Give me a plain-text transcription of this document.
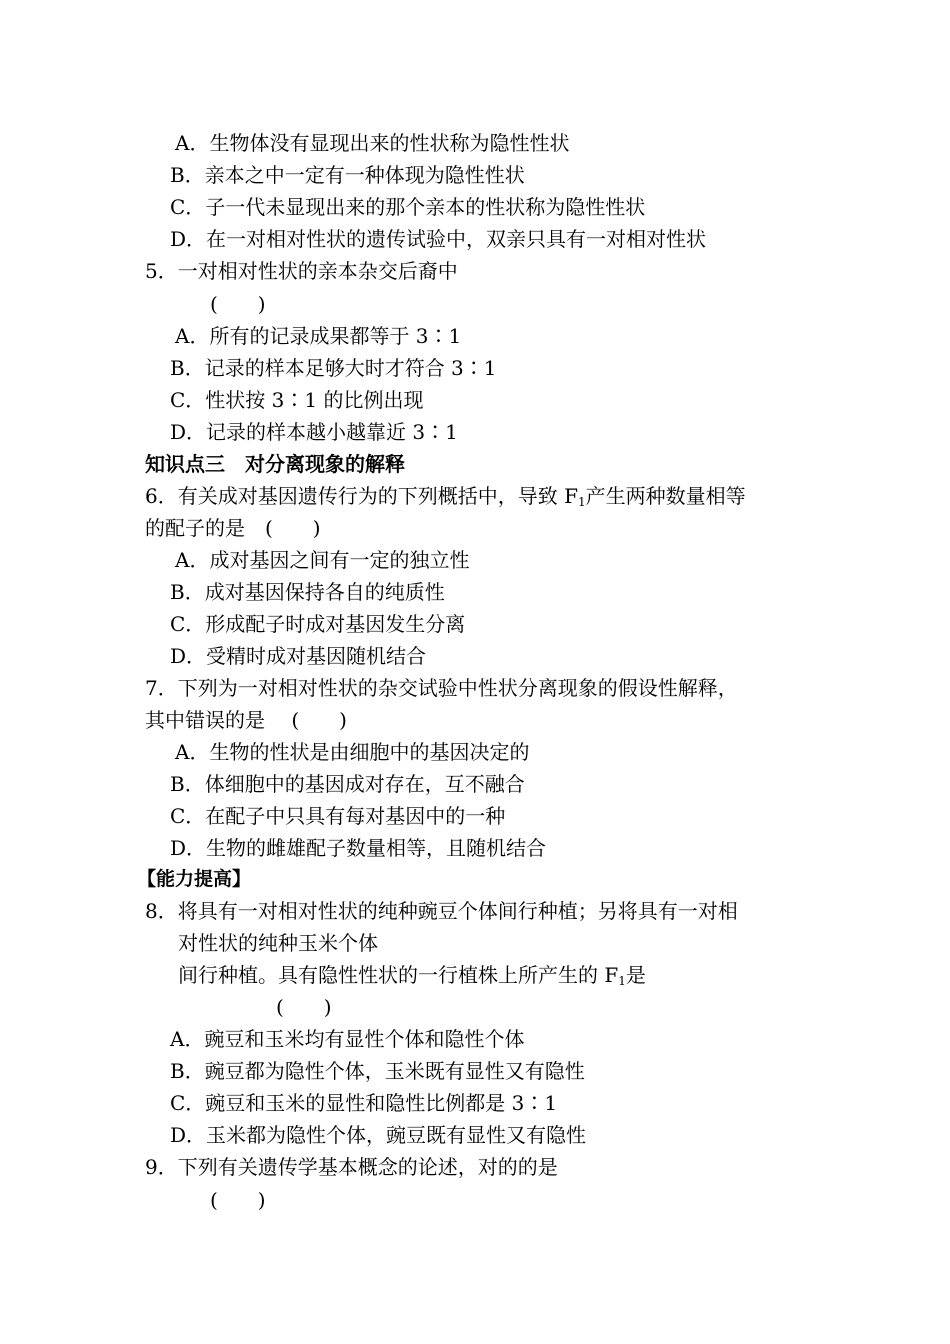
A．生物体没有显现出来的性状称为隐性性状
B．亲本之中一定有一种体现为隐性性状
C．子一代未显现出来的那个亲本的性状称为隐性性状
D．在一对相对性状的遗传试验中，双亲只具有一对相对性状
5．一对相对性状的亲本杂交后裔中
(　　)
A．所有的记录成果都等于 3∶1
B．记录的样本足够大时才符合 3∶1
C．性状按 3∶1 的比例出现
D．记录的样本越小越靠近 3∶1
知识点三　对分离现象的解释
6．有关成对基因遗传行为的下列概括中，导致 $F_1$产生两种数量相等
的配子的是　(　　)
A．成对基因之间有一定的独立性
B．成对基因保持各自的纯质性
C．形成配子时成对基因发生分离
D．受精时成对基因随机结合
7．下列为一对相对性状的杂交试验中性状分离现象的假设性解释，
其中错误的是　 (　　)
A．生物的性状是由细胞中的基因决定的
B．体细胞中的基因成对存在，互不融合
C．在配子中只具有每对基因中的一种
D．生物的雌雄配子数量相等，且随机结合
【能力提高】
8．将具有一对相对性状的纯种豌豆个体间行种植；另将具有一对相
对性状的纯种玉米个体
间行种植。具有隐性性状的一行植株上所产生的 $F_1$是
(　　)
A．豌豆和玉米均有显性个体和隐性个体
B．豌豆都为隐性个体，玉米既有显性又有隐性
C．豌豆和玉米的显性和隐性比例都是 3∶1
D．玉米都为隐性个体，豌豆既有显性又有隐性
9．下列有关遗传学基本概念的论述，对的的是
(　　)
